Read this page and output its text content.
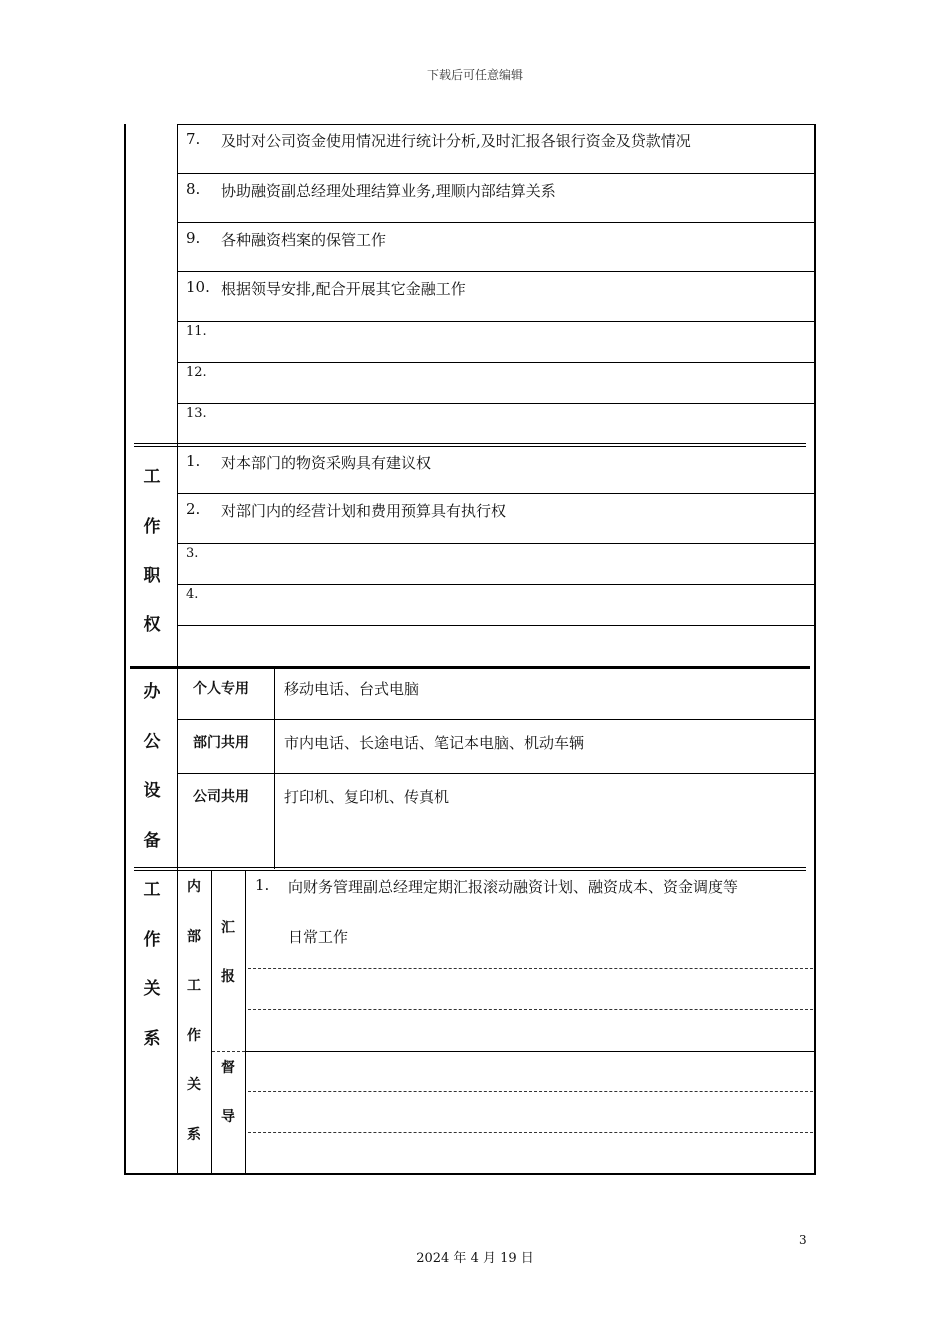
下载后可任意编辑
3
2024 年 4 月 19 日
7. 及时对公司资金使用情况进行统计分析,及时汇报各银行资金及贷款情况
8. 协助融资副总经理处理结算业务,理顺内部结算关系
9. 各种融资档案的保管工作
10. 根据领导安排,配合开展其它金融工作
11.
12.
13.
工
作
职
权
1. 对本部门的物资采购具有建议权
2. 对部门内的经营计划和费用预算具有执行权
3.
4.
办
公
设
备
个人专用 移动电话、台式电脑
部门共用 市内电话、长途电话、笔记本电脑、机动车辆
公司共用 打印机、复印机、传真机
工
作
关
系
内
部
工
作
关
系
汇
报
督
导
1. 向财务管理副总经理定期汇报滚动融资计划、融资成本、资金调度等
日常工作
